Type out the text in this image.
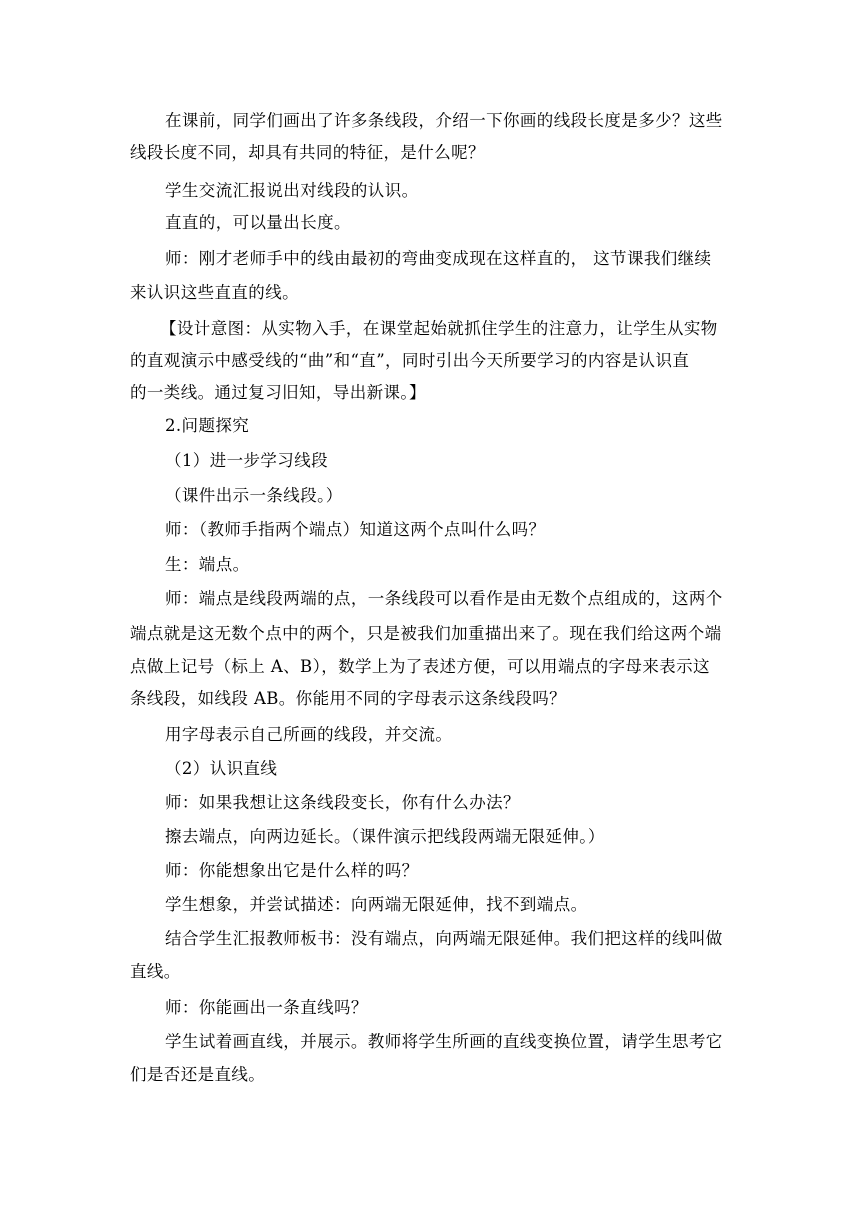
在课前，同学们画出了许多条线段，介绍一下你画的线段长度是多少？这些
线段长度不同，却具有共同的特征，是什么呢？
学生交流汇报说出对线段的认识。
直直的，可以量出长度。
师：刚才老师手中的线由最初的弯曲变成现在这样直的， 这节课我们继续
来认识这些直直的线。
【设计意图：从实物入手，在课堂起始就抓住学生的注意力，让学生从实物
的直观演示中感受线的“曲”和“直”，同时引出今天所要学习的内容是认识直
的一类线。通过复习旧知，导出新课。】
2.问题探究
（1）进一步学习线段
（课件出示一条线段。）
师：（教师手指两个端点）知道这两个点叫什么吗？
生：端点。
师：端点是线段两端的点，一条线段可以看作是由无数个点组成的，这两个
端点就是这无数个点中的两个，只是被我们加重描出来了。现在我们给这两个端
点做上记号（标上 A、B），数学上为了表述方便，可以用端点的字母来表示这
条线段，如线段 AB。你能用不同的字母表示这条线段吗？
用字母表示自己所画的线段，并交流。
（2）认识直线
师：如果我想让这条线段变长，你有什么办法？
擦去端点，向两边延长。（课件演示把线段两端无限延伸。）
师：你能想象出它是什么样的吗？
学生想象，并尝试描述：向两端无限延伸，找不到端点。
结合学生汇报教师板书：没有端点，向两端无限延伸。我们把这样的线叫做
直线。
师：你能画出一条直线吗？
学生试着画直线，并展示。教师将学生所画的直线变换位置，请学生思考它
们是否还是直线。
